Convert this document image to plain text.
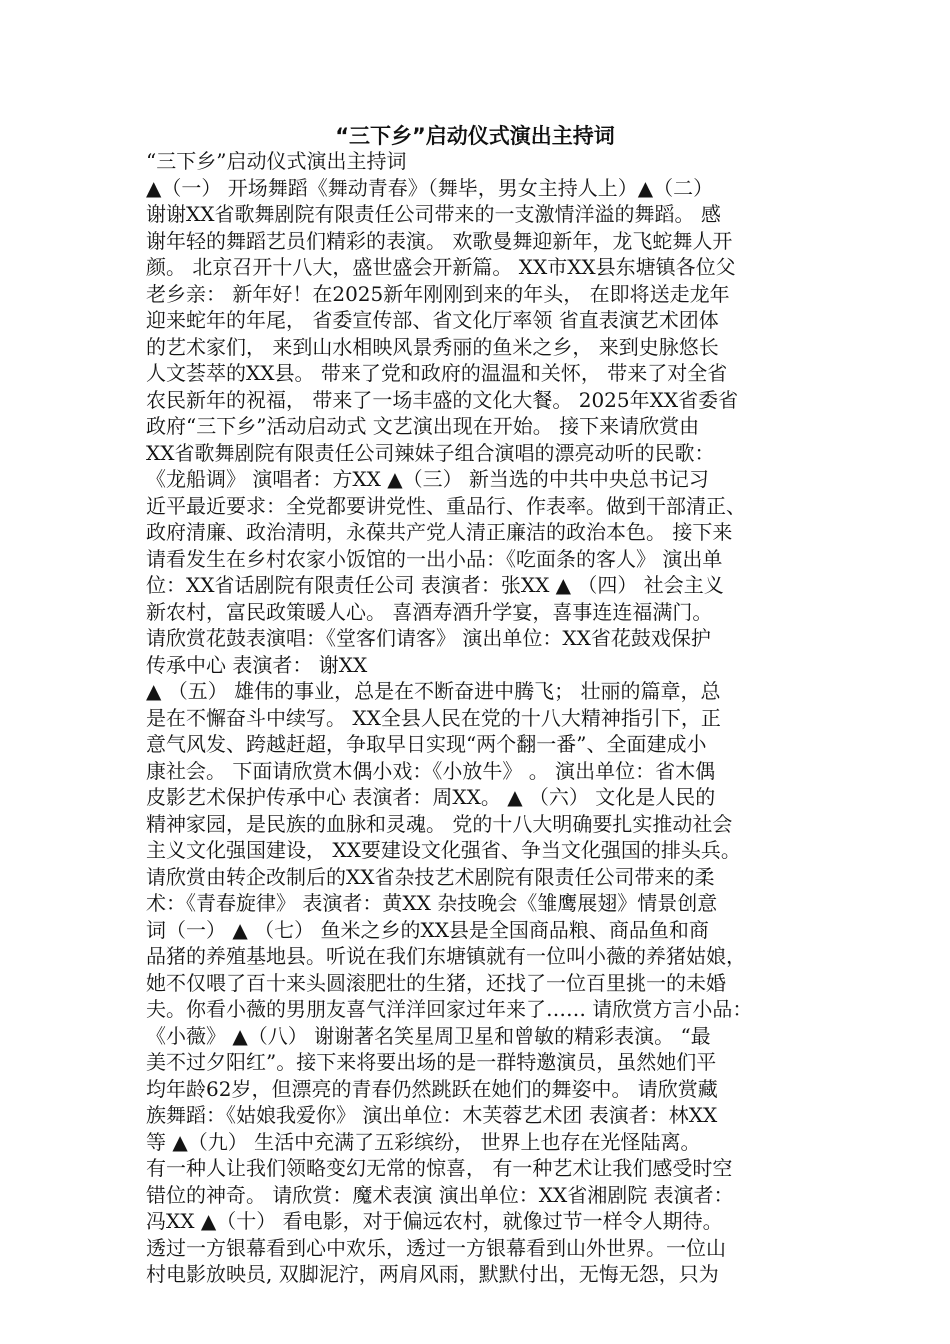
“三下乡”启动仪式演出主持词
“三下乡”启动仪式演出主持词
▲（一） 开场舞蹈《舞动青春》（舞毕，男女主持人上）▲（二）
谢谢XX省歌舞剧院有限责任公司带来的一支激情洋溢的舞蹈。 感
谢年轻的舞蹈艺员们精彩的表演。 欢歌曼舞迎新年，龙飞蛇舞人开
颜。 北京召开十八大，盛世盛会开新篇。 XX市XX县东塘镇各位父
老乡亲： 新年好！在2025新年刚刚到来的年头， 在即将送走龙年
迎来蛇年的年尾， 省委宣传部、省文化厅率领 省直表演艺术团体
的艺术家们， 来到山水相映风景秀丽的鱼米之乡， 来到史脉悠长
人文荟萃的XX县。 带来了党和政府的温温和关怀， 带来了对全省
农民新年的祝福， 带来了一场丰盛的文化大餐。 2025年XX省委省
政府“三下乡”活动启动式 文艺演出现在开始。 接下来请欣赏由
XX省歌舞剧院有限责任公司辣妹子组合演唱的漂亮动听的民歌：
《龙船调》 演唱者：方XX ▲（三） 新当选的中共中央总书记习
近平最近要求：全党都要讲党性、重品行、作表率。做到干部清正、
政府清廉、政治清明，永葆共产党人清正廉洁的政治本色。 接下来
请看发生在乡村农家小饭馆的一出小品：《吃面条的客人》 演出单
位：XX省话剧院有限责任公司 表演者：张XX ▲ （四） 社会主义
新农村，富民政策暖人心。 喜酒寿酒升学宴，喜事连连福满门。
请欣赏花鼓表演唱：《堂客们请客》 演出单位：XX省花鼓戏保护
传承中心 表演者： 谢XX
▲ （五） 雄伟的事业，总是在不断奋进中腾飞； 壮丽的篇章，总
是在不懈奋斗中续写。 XX全县人民在党的十八大精神指引下，正
意气风发、跨越赶超，争取早日实现“两个翻一番”、全面建成小
康社会。 下面请欣赏木偶小戏：《小放牛》 。 演出单位：省木偶
皮影艺术保护传承中心 表演者：周XX。 ▲ （六） 文化是人民的
精神家园，是民族的血脉和灵魂。 党的十八大明确要扎实推动社会
主义文化强国建设， XX要建设文化强省、争当文化强国的排头兵。
请欣赏由转企改制后的XX省杂技艺术剧院有限责任公司带来的柔
术：《青春旋律》 表演者：黄XX 杂技晚会《雏鹰展翅》情景创意
词（一） ▲ （七） 鱼米之乡的XX县是全国商品粮、商品鱼和商
品猪的养殖基地县。听说在我们东塘镇就有一位叫小薇的养猪姑娘，
她不仅喂了百十来头圆滚肥壮的生猪，还找了一位百里挑一的未婚
夫。你看小薇的男朋友喜气洋洋回家过年来了…… 请欣赏方言小品：
《小薇》 ▲（八） 谢谢著名笑星周卫星和曾敏的精彩表演。 “最
美不过夕阳红”。接下来将要出场的是一群特邀演员，虽然她们平
均年龄62岁，但漂亮的青春仍然跳跃在她们的舞姿中。 请欣赏藏
族舞蹈：《姑娘我爱你》 演出单位：木芙蓉艺术团 表演者：林XX
等 ▲（九） 生活中充满了五彩缤纷， 世界上也存在光怪陆离。
有一种人让我们领略变幻无常的惊喜， 有一种艺术让我们感受时空
错位的神奇。 请欣赏：魔术表演 演出单位：XX省湘剧院 表演者：
冯XX ▲（十） 看电影，对于偏远农村，就像过节一样令人期待。
透过一方银幕看到心中欢乐，透过一方银幕看到山外世界。一位山
村电影放映员, 双脚泥泞，两肩风雨，默默付出，无悔无怨，只为
